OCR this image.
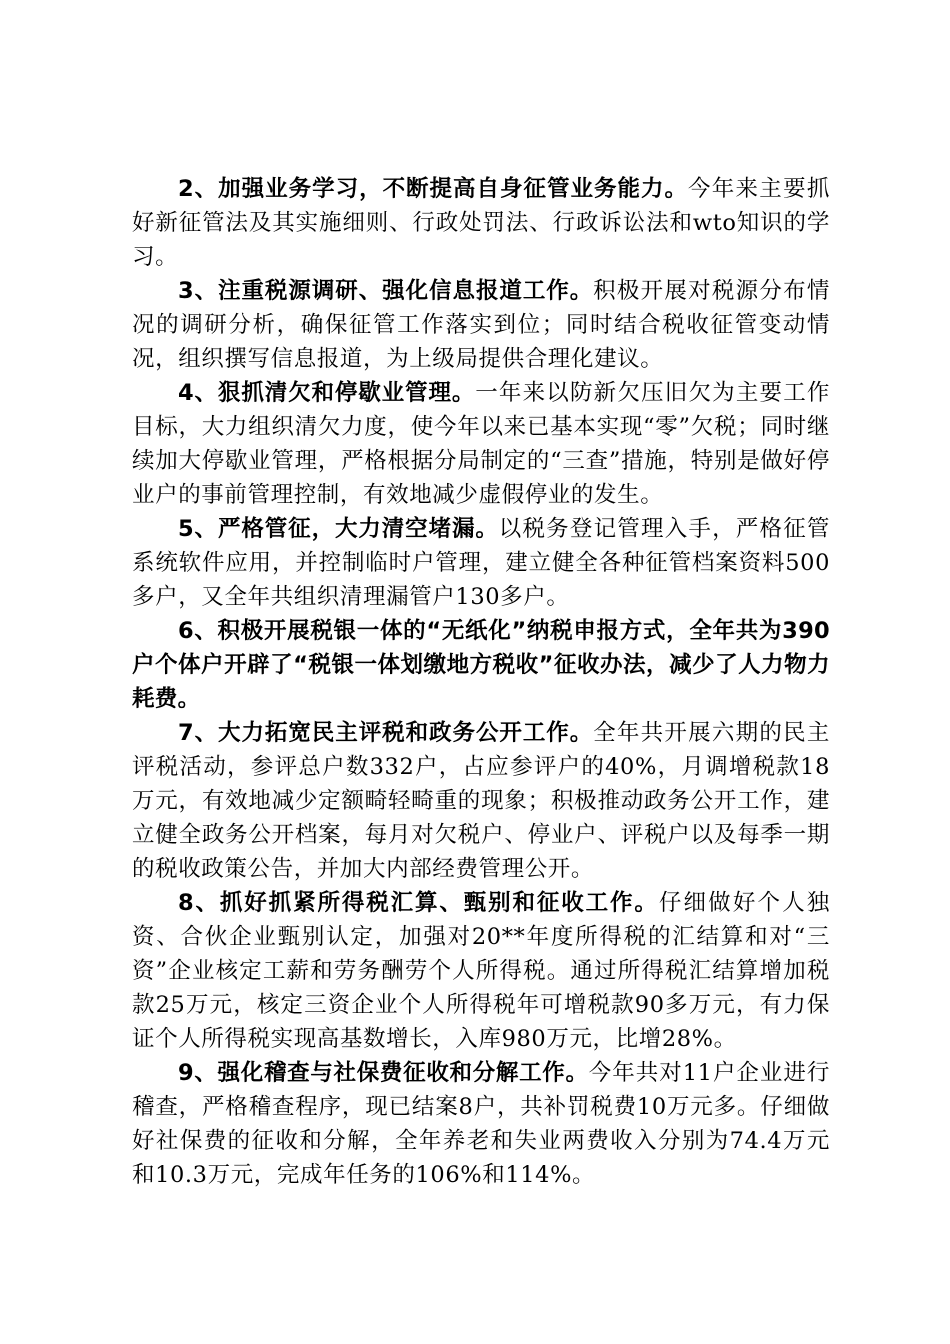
2、加强业务学习，不断提高自身征管业务能力。今年来主要抓好新征管法及其实施细则、行政处罚法、行政诉讼法和wto知识的学习。

3、注重税源调研、强化信息报道工作。积极开展对税源分布情况的调研分析，确保征管工作落实到位；同时结合税收征管变动情况，组织撰写信息报道，为上级局提供合理化建议。

4、狠抓清欠和停歇业管理。一年来以防新欠压旧欠为主要工作目标，大力组织清欠力度，使今年以来已基本实现“零”欠税；同时继续加大停歇业管理，严格根据分局制定的“三查”措施，特别是做好停业户的事前管理控制，有效地减少虚假停业的发生。

5、严格管征，大力清空堵漏。以税务登记管理入手，严格征管系统软件应用，并控制临时户管理，建立健全各种征管档案资料500多户，又全年共组织清理漏管户130多户。

6、积极开展税银一体的“无纸化”纳税申报方式，全年共为390户个体户开辟了“税银一体划缴地方税收”征收办法，减少了人力物力耗费。

7、大力拓宽民主评税和政务公开工作。全年共开展六期的民主评税活动，参评总户数332户，占应参评户的40%，月调增税款18万元，有效地减少定额畸轻畸重的现象；积极推动政务公开工作，建立健全政务公开档案，每月对欠税户、停业户、评税户以及每季一期的税收政策公告，并加大内部经费管理公开。

8、抓好抓紧所得税汇算、甄别和征收工作。仔细做好个人独资、合伙企业甄别认定，加强对20**年度所得税的汇结算和对“三资”企业核定工薪和劳务酬劳个人所得税。通过所得税汇结算增加税款25万元，核定三资企业个人所得税年可增税款90多万元，有力保证个人所得税实现高基数增长，入库980万元，比增28%。

9、强化稽查与社保费征收和分解工作。今年共对11户企业进行稽查，严格稽查程序，现已结案8户，共补罚税费10万元多。仔细做好社保费的征收和分解，全年养老和失业两费收入分别为74.4万元和10.3万元，完成年任务的106%和114%。
